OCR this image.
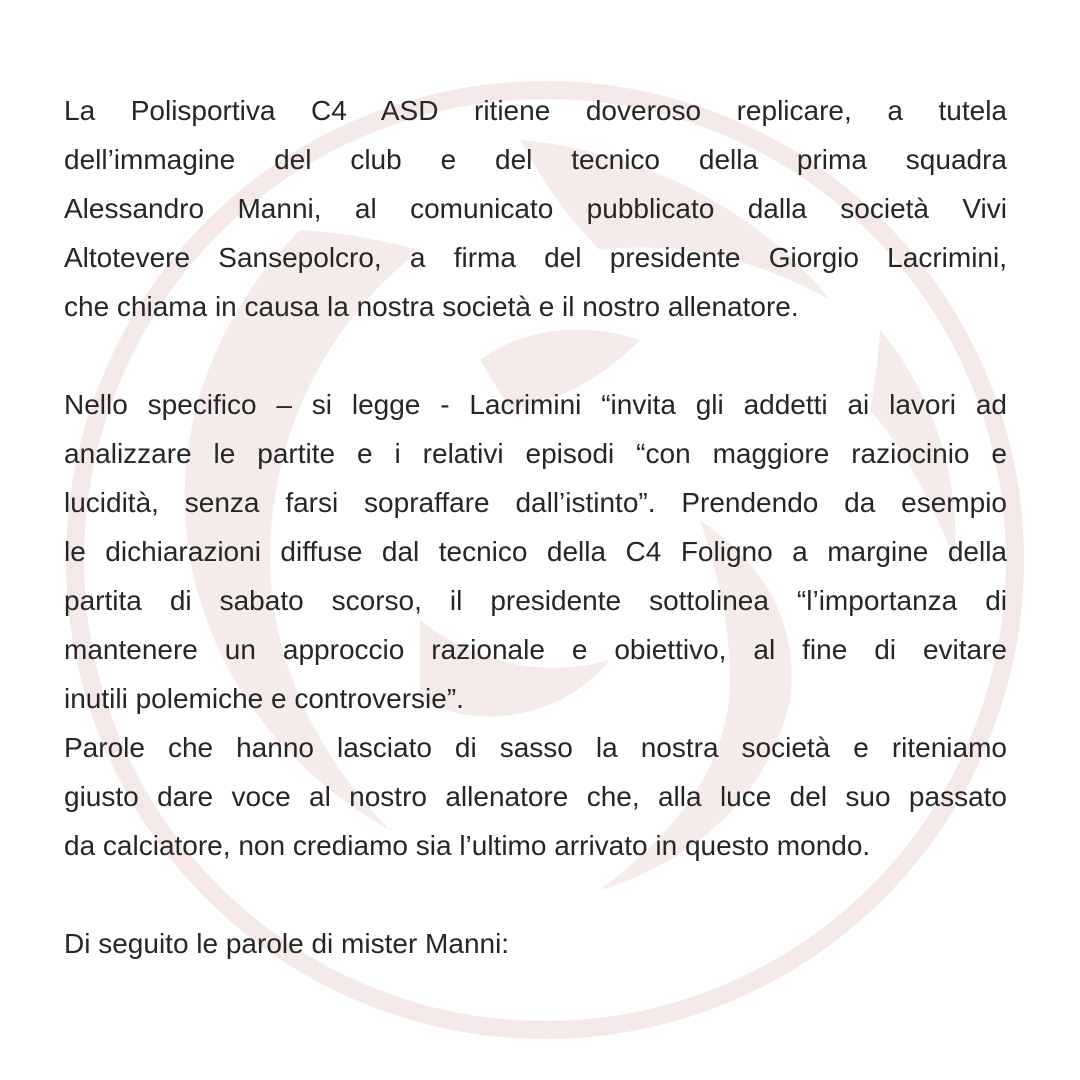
La Polisportiva C4 ASD ritiene doveroso replicare, a tutela
dell’immagine del club e del tecnico della prima squadra
Alessandro Manni, al comunicato pubblicato dalla società Vivi
Altotevere Sansepolcro, a firma del presidente Giorgio Lacrimini,
che chiama in causa la nostra società e il nostro allenatore.
Nello specifico – si legge - Lacrimini “invita gli addetti ai lavori ad
analizzare le partite e i relativi episodi “con maggiore raziocinio e
lucidità, senza farsi sopraffare dall’istinto”. Prendendo da esempio
le dichiarazioni diffuse dal tecnico della C4 Foligno a margine della
partita di sabato scorso, il presidente sottolinea “l’importanza di
mantenere un approccio razionale e obiettivo, al fine di evitare
inutili polemiche e controversie”.
Parole che hanno lasciato di sasso la nostra società e riteniamo
giusto dare voce al nostro allenatore che, alla luce del suo passato
da calciatore, non crediamo sia l’ultimo arrivato in questo mondo.
Di seguito le parole di mister Manni:
